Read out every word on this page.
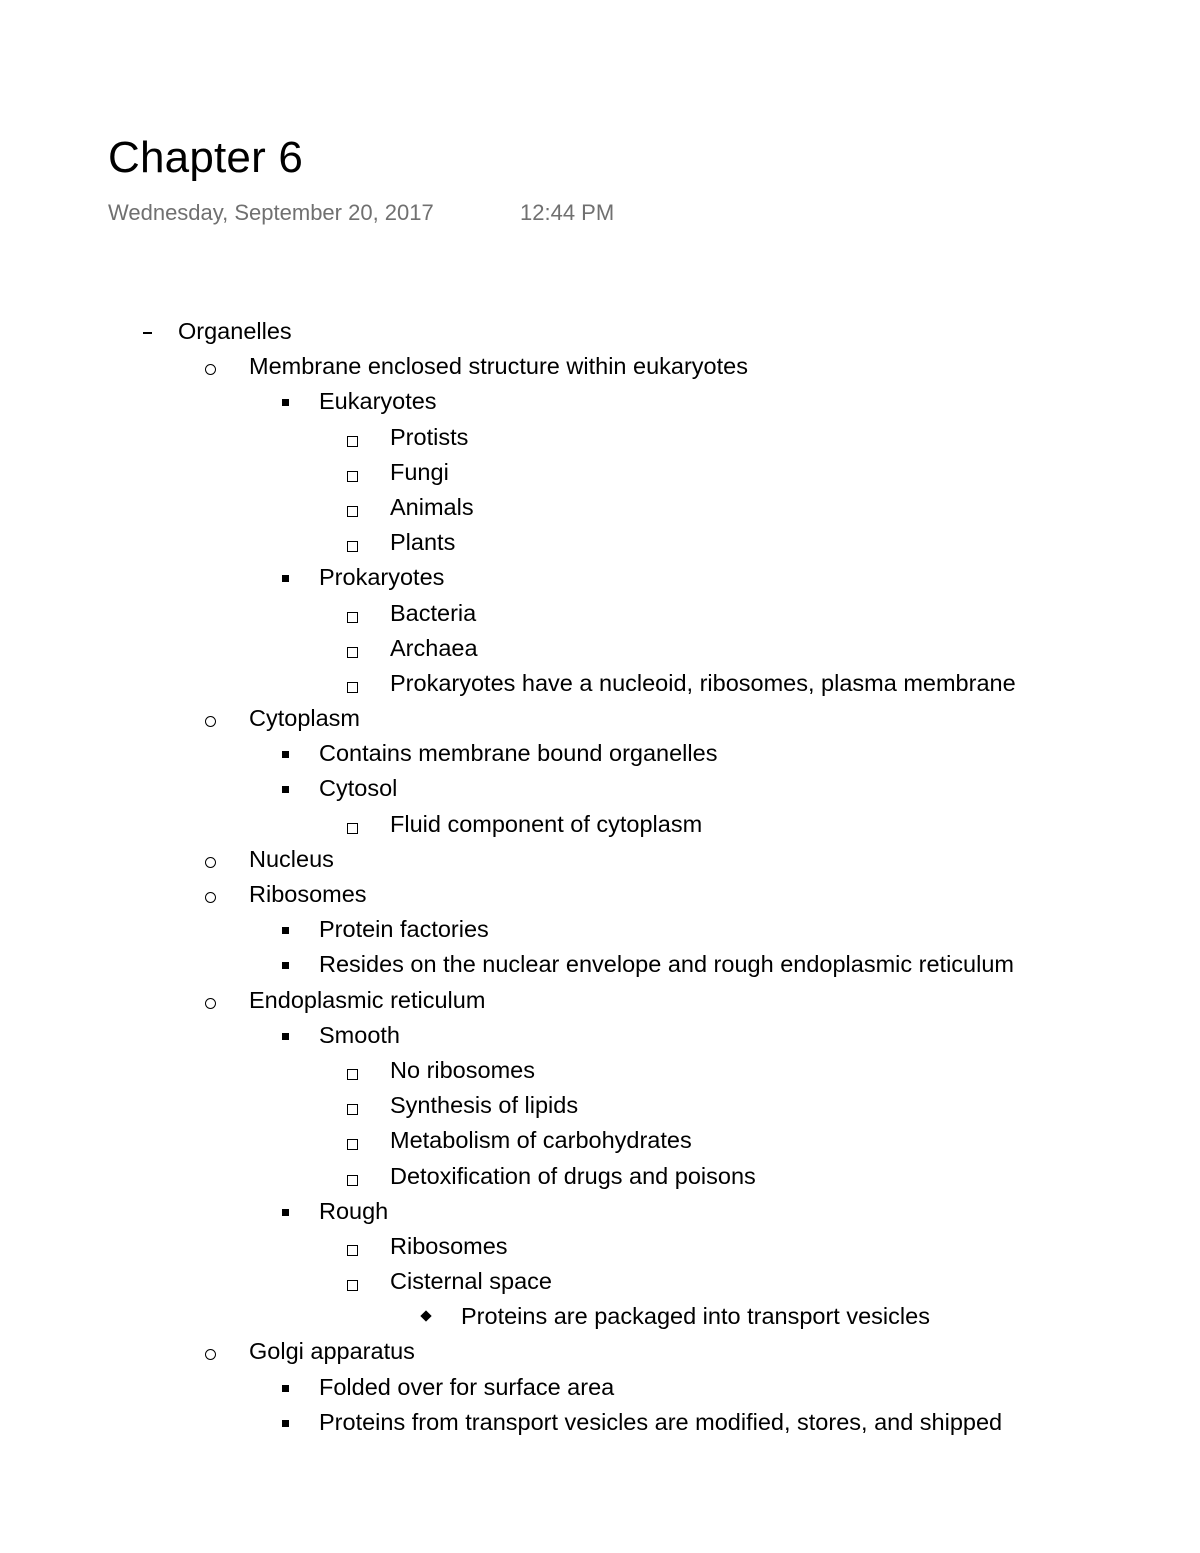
Chapter 6
Wednesday, September 20, 2017	12:44 PM
Organelles
Membrane enclosed structure within eukaryotes
Eukaryotes
Protists
Fungi
Animals
Plants
Prokaryotes
Bacteria
Archaea
Prokaryotes have a nucleoid, ribosomes, plasma membrane
Cytoplasm
Contains membrane bound organelles
Cytosol
Fluid component of cytoplasm
Nucleus
Ribosomes
Protein factories
Resides on the nuclear envelope and rough endoplasmic reticulum
Endoplasmic reticulum
Smooth
No ribosomes
Synthesis of lipids
Metabolism of carbohydrates
Detoxification of drugs and poisons
Rough
Ribosomes
Cisternal space
Proteins are packaged into transport vesicles
Golgi apparatus
Folded over for surface area
Proteins from transport vesicles are modified, stores, and shipped
